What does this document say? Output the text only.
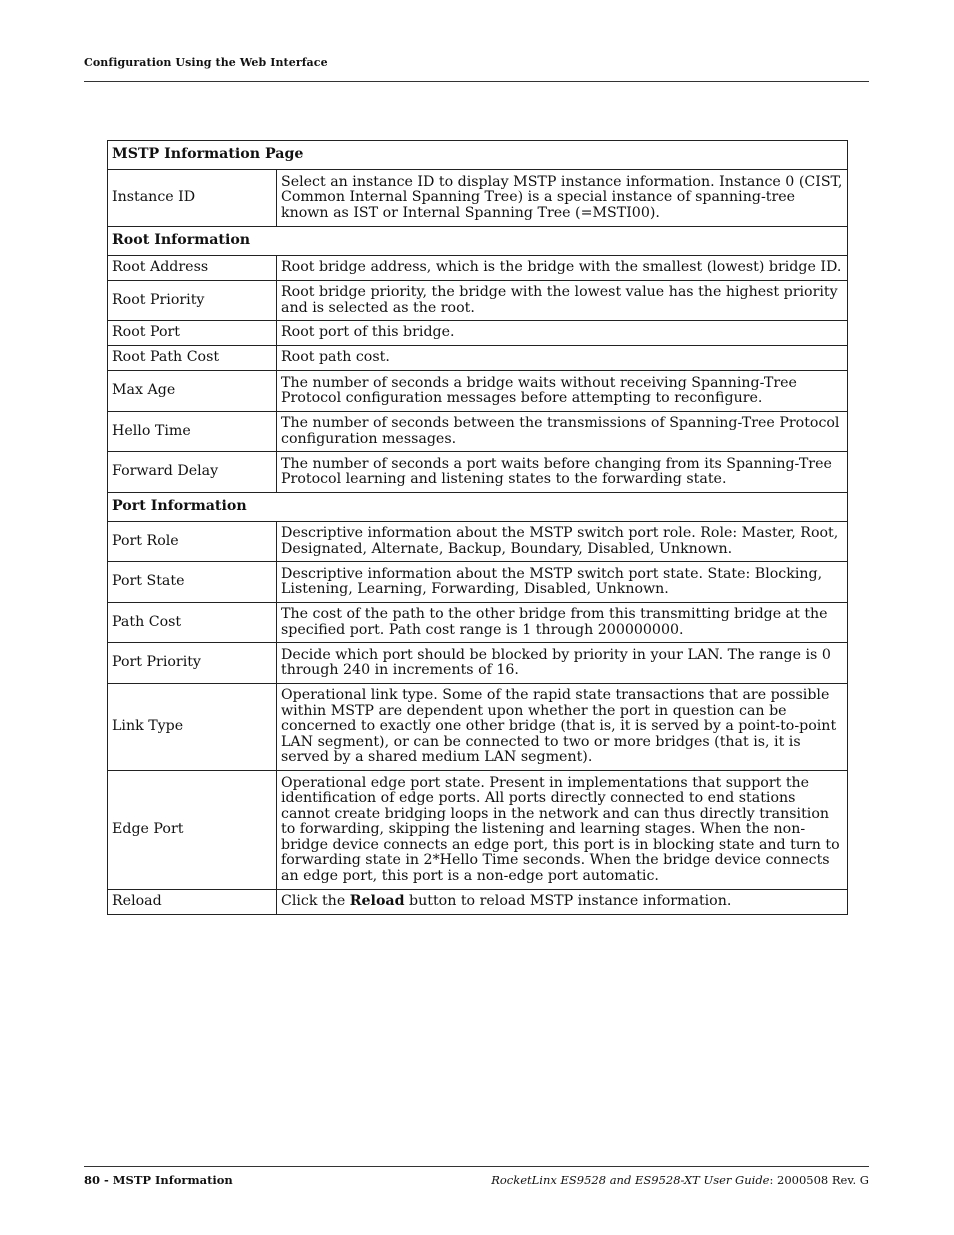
Configuration Using the Web Interface
MSTP Information Page	
Instance ID	Select an instance ID to display MSTP instance information. Instance 0 (CIST, Common Internal Spanning Tree) is a special instance of spanning-tree known as IST or Internal Spanning Tree (=MSTI00).
Root Information	
Root Address	Root bridge address, which is the bridge with the smallest (lowest) bridge ID.
Root Priority	Root bridge priority, the bridge with the lowest value has the highest priority and is selected as the root.
Root Port	Root port of this bridge.
Root Path Cost	Root path cost.
Max Age	The number of seconds a bridge waits without receiving Spanning-Tree Protocol configuration messages before attempting to reconfigure.
Hello Time	The number of seconds between the transmissions of Spanning-Tree Protocol configuration messages.
Forward Delay	The number of seconds a port waits before changing from its Spanning-Tree Protocol learning and listening states to the forwarding state.
Port Information	
Port Role	Descriptive information about the MSTP switch port role. Role: Master, Root, Designated, Alternate, Backup, Boundary, Disabled, Unknown.
Port State	Descriptive information about the MSTP switch port state. State: Blocking, Listening, Learning, Forwarding, Disabled, Unknown.
Path Cost	The cost of the path to the other bridge from this transmitting bridge at the specified port. Path cost range is 1 through 200000000.
Port Priority	Decide which port should be blocked by priority in your LAN. The range is 0 through 240 in increments of 16.
Link Type	Operational link type. Some of the rapid state transactions that are possible within MSTP are dependent upon whether the port in question can be concerned to exactly one other bridge (that is, it is served by a point-to-point LAN segment), or can be connected to two or more bridges (that is, it is served by a shared medium LAN segment).
Edge Port	Operational edge port state. Present in implementations that support the identification of edge ports. All ports directly connected to end stations cannot create bridging loops in the network and can thus directly transition to forwarding, skipping the listening and learning stages. When the non-bridge device connects an edge port, this port is in blocking state and turn to forwarding state in 2*Hello Time seconds. When the bridge device connects an edge port, this port is a non-edge port automatic.
Reload	Click the Reload button to reload MSTP instance information.
80 - MSTP Information	RocketLinx ES9528 and ES9528-XT User Guide: 2000508 Rev. G
